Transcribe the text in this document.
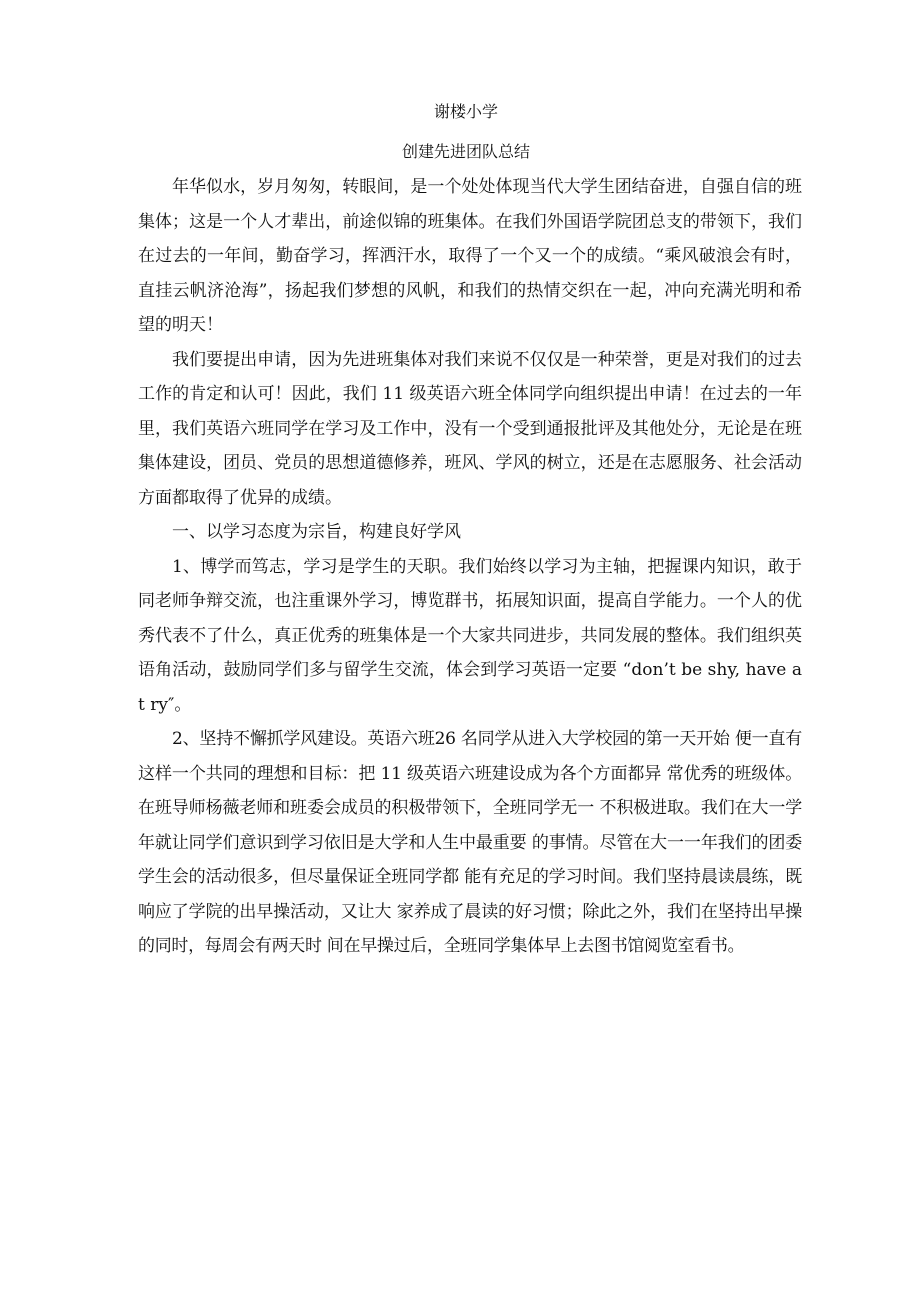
谢楼小学
创建先进团队总结

年华似水，岁月匆匆，转眼间，是一个处处体现当代大学生团结奋进，自强自信的班集体；这是一个人才辈出，前途似锦的班集体。在我们外国语学院团总支的带领下，我们在过去的一年间，勤奋学习，挥洒汗水，取得了一个又一个的成绩。“乘风破浪会有时，直挂云帆济沧海”，扬起我们梦想的风帆，和我们的热情交织在一起，冲向充满光明和希望的明天！

我们要提出申请，因为先进班集体对我们来说不仅仅是一种荣誉，更是对我们的过去工作的肯定和认可！因此，我们 11 级英语六班全体同学向组织提出申请！在过去的一年里，我们英语六班同学在学习及工作中，没有一个受到通报批评及其他处分，无论是在班集体建设，团员、党员的思想道德修养，班风、学风的树立，还是在志愿服务、社会活动方面都取得了优异的成绩。

一、以学习态度为宗旨，构建良好学风

1、博学而笃志，学习是学生的天职。我们始终以学习为主轴，把握课内知识，敢于同老师争辩交流，也注重课外学习，博览群书，拓展知识面，提高自学能力。一个人的优秀代表不了什么，真正优秀的班集体是一个大家共同进步，共同发展的整体。我们组织英语角活动，鼓励同学们多与留学生交流，体会到学习英语一定要 “don’t be shy, have a t ry″。

2、坚持不懈抓学风建设。英语六班26 名同学从进入大学校园的第一天开始 便一直有这样一个共同的理想和目标：把 11 级英语六班建设成为各个方面都异 常优秀的班级体。在班导师杨薇老师和班委会成员的积极带领下，全班同学无一 不积极进取。我们在大一学年就让同学们意识到学习依旧是大学和人生中最重要 的事情。尽管在大一一年我们的团委学生会的活动很多，但尽量保证全班同学都 能有充足的学习时间。我们坚持晨读晨练，既响应了学院的出早操活动，又让大 家养成了晨读的好习惯；除此之外，我们在坚持出早操的同时，每周会有两天时 间在早操过后，全班同学集体早上去图书馆阅览室看书。
